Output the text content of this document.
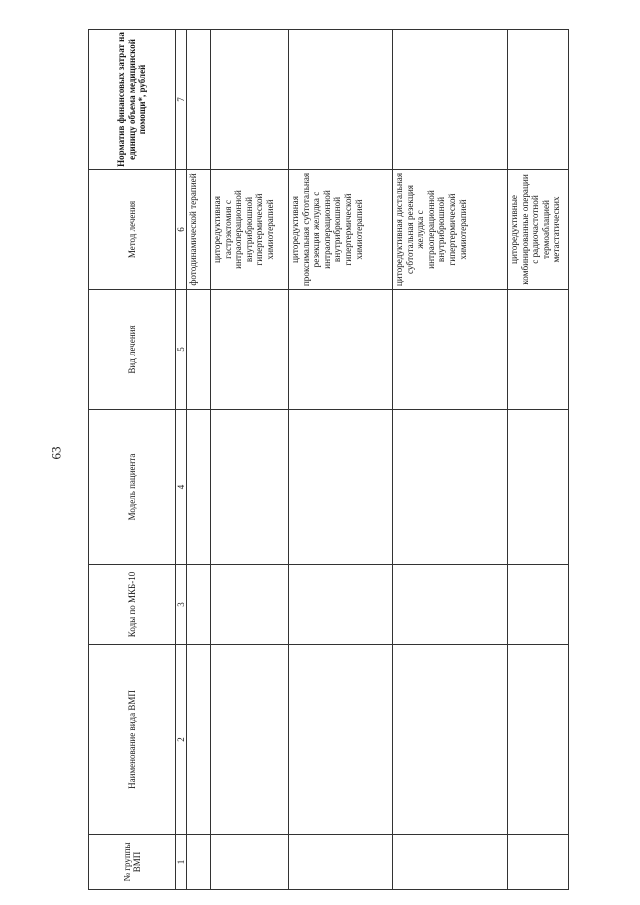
63
№ группы ВМП	Наименование вида ВМП	Коды по МКБ-10	Модель пациента	Вид лечения	Метод лечения	Норматив финансовых затрат на единицу объема медицинской помощи*, рублей
1	2	3	4	5	6	7
					фотодинамической терапией	
					циторедуктивная гастрэктомия с интраоперационной внутрибрюшной гипертермической химиотерапией	
					циторедуктивная проксимальная субтотальная резекция желудка с интраоперационной внутрибрюшной гипертермической химиотерапией	
					циторедуктивная дистальная субтотальная резекция желудка с интраоперационной внутрибрюшной гипертермической химиотерапией	
					циторедуктивные комбинированные операции с радиочастотной термоаблацией метастатических	
